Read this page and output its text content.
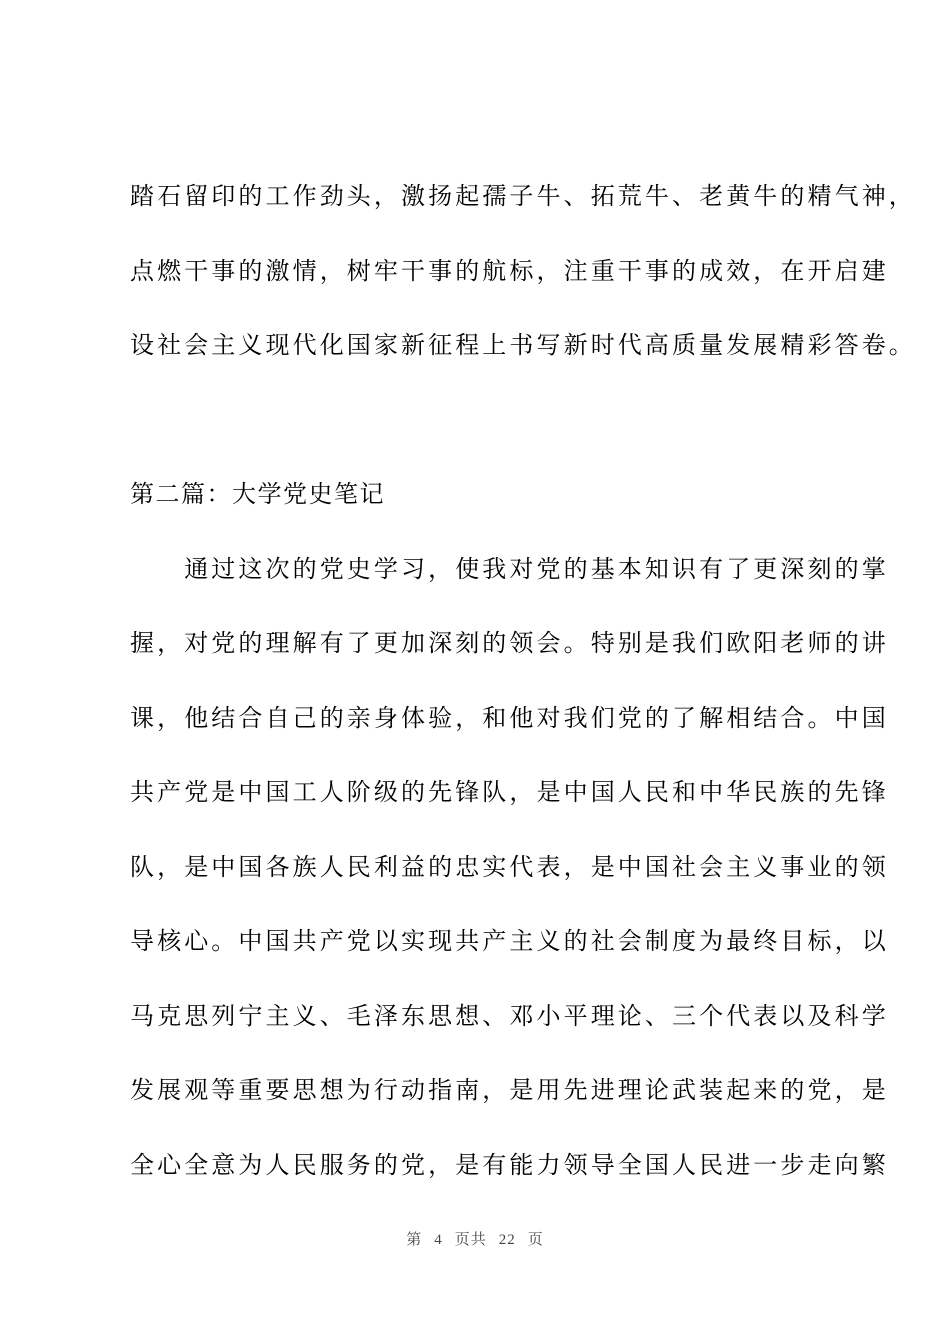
踏石留印的工作劲头，激扬起孺子牛、拓荒牛、老黄牛的精气神，
点燃干事的激情，树牢干事的航标，注重干事的成效，在开启建
设社会主义现代化国家新征程上书写新时代高质量发展精彩答卷。
第二篇：大学党史笔记
　　通过这次的党史学习，使我对党的基本知识有了更深刻的掌
握，对党的理解有了更加深刻的领会。特别是我们欧阳老师的讲
课，他结合自己的亲身体验，和他对我们党的了解相结合。中国
共产党是中国工人阶级的先锋队，是中国人民和中华民族的先锋
队，是中国各族人民利益的忠实代表，是中国社会主义事业的领
导核心。中国共产党以实现共产主义的社会制度为最终目标，以
马克思列宁主义、毛泽东思想、邓小平理论、三个代表以及科学
发展观等重要思想为行动指南，是用先进理论武装起来的党，是
全心全意为人民服务的党，是有能力领导全国人民进一步走向繁
第 4 页共 22 页
